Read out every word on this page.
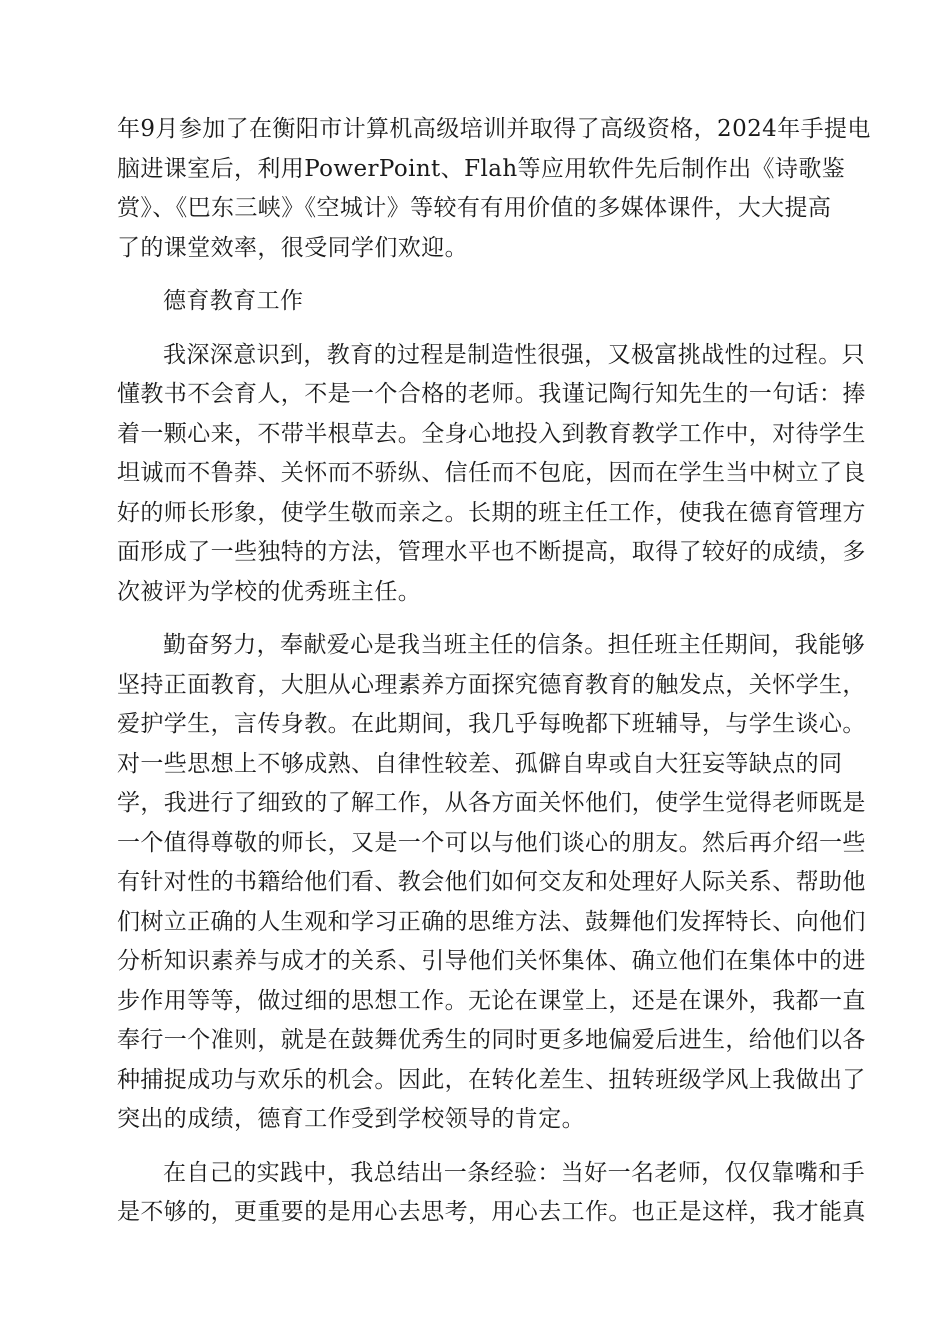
年9月参加了在衡阳市计算机高级培训并取得了高级资格，2024年手提电
脑进课室后，利用PowerPoint、Flah等应用软件先后制作出《诗歌鉴
赏》、《巴东三峡》《空城计》等较有有用价值的多媒体课件，大大提高
了的课堂效率，很受同学们欢迎。
德育教育工作
我深深意识到，教育的过程是制造性很强，又极富挑战性的过程。只
懂教书不会育人，不是一个合格的老师。我谨记陶行知先生的一句话：捧
着一颗心来，不带半根草去。全身心地投入到教育教学工作中，对待学生
坦诚而不鲁莽、关怀而不骄纵、信任而不包庇，因而在学生当中树立了良
好的师长形象，使学生敬而亲之。长期的班主任工作，使我在德育管理方
面形成了一些独特的方法，管理水平也不断提高，取得了较好的成绩，多
次被评为学校的优秀班主任。
勤奋努力，奉献爱心是我当班主任的信条。担任班主任期间，我能够
坚持正面教育，大胆从心理素养方面探究德育教育的触发点，关怀学生，
爱护学生，言传身教。在此期间，我几乎每晚都下班辅导，与学生谈心。
对一些思想上不够成熟、自律性较差、孤僻自卑或自大狂妄等缺点的同
学，我进行了细致的了解工作，从各方面关怀他们，使学生觉得老师既是
一个值得尊敬的师长，又是一个可以与他们谈心的朋友。然后再介绍一些
有针对性的书籍给他们看、教会他们如何交友和处理好人际关系、帮助他
们树立正确的人生观和学习正确的思维方法、鼓舞他们发挥特长、向他们
分析知识素养与成才的关系、引导他们关怀集体、确立他们在集体中的进
步作用等等，做过细的思想工作。无论在课堂上，还是在课外，我都一直
奉行一个准则，就是在鼓舞优秀生的同时更多地偏爱后进生，给他们以各
种捕捉成功与欢乐的机会。因此，在转化差生、扭转班级学风上我做出了
突出的成绩，德育工作受到学校领导的肯定。
在自己的实践中，我总结出一条经验：当好一名老师，仅仅靠嘴和手
是不够的，更重要的是用心去思考，用心去工作。也正是这样，我才能真
